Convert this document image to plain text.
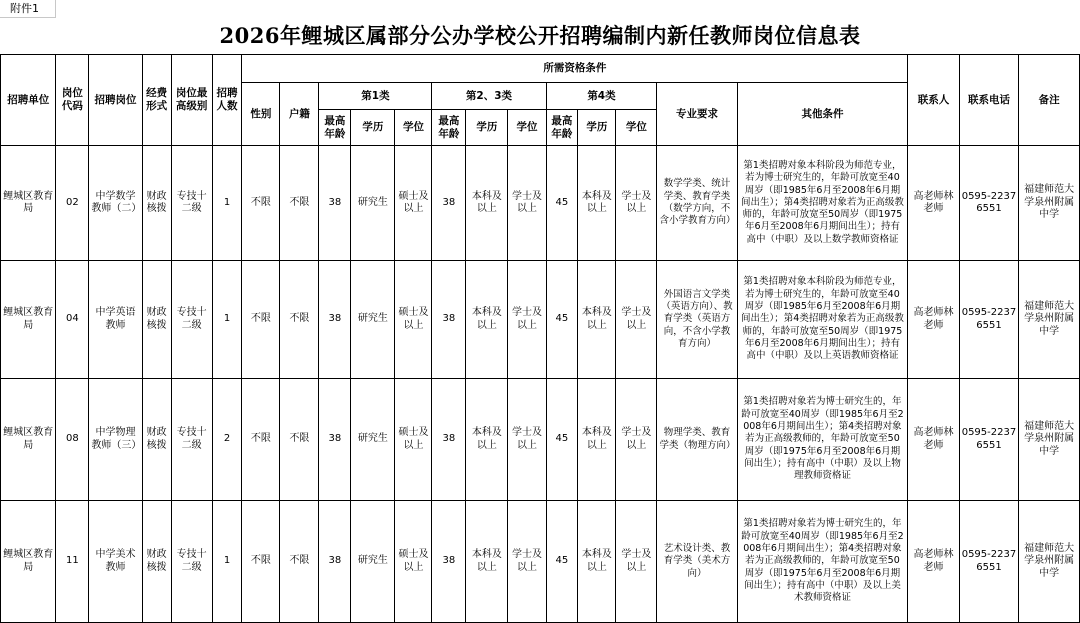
附件1
2026年鲤城区属部分公办学校公开招聘编制内新任教师岗位信息表
招聘单位	岗位代码	招聘岗位	经费形式	岗位最高级别	招聘人数	所需资格条件													联系人	联系电话	备注
						性别	户籍	第1类			第2、3类			第4类			专业要求	其他条件			
								最高年龄	学历	学位	最高年龄	学历	学位	最高年龄	学历	学位					

鲤城区教育局	02	中学数学教师（二）	财政核拨	专技十二级	1	不限	不限	38	研究生	硕士及以上	38	本科及以上	学士及以上	45	本科及以上	学士及以上	数学学类、统计学类、教育学类（数学方向，不含小学教育方向）	第1类招聘对象本科阶段为师范专业，若为博士研究生的，年龄可放宽至40周岁（即1985年6月至2008年6月期间出生）；第4类招聘对象若为正高级教师的，年龄可放宽至50周岁（即1975年6月至2008年6月期间出生）；持有高中（中职）及以上数学教师资格证	高老师林老师	0595-22376551	福建师范大学泉州附属中学
鲤城区教育局	04	中学英语教师	财政核拨	专技十二级	1	不限	不限	38	研究生	硕士及以上	38	本科及以上	学士及以上	45	本科及以上	学士及以上	外国语言文学类（英语方向）、教育学类（英语方向，不含小学教育方向）	第1类招聘对象本科阶段为师范专业，若为博士研究生的，年龄可放宽至40周岁（即1985年6月至2008年6月期间出生）；第4类招聘对象若为正高级教师的，年龄可放宽至50周岁（即1975年6月至2008年6月期间出生）；持有高中（中职）及以上英语教师资格证	高老师林老师	0595-22376551	福建师范大学泉州附属中学
鲤城区教育局	08	中学物理教师（三）	财政核拨	专技十二级	2	不限	不限	38	研究生	硕士及以上	38	本科及以上	学士及以上	45	本科及以上	学士及以上	物理学类、教育学类（物理方向）	第1类招聘对象若为博士研究生的，年龄可放宽至40周岁（即1985年6月至2008年6月期间出生）；第4类招聘对象若为正高级教师的，年龄可放宽至50周岁（即1975年6月至2008年6月期间出生）；持有高中（中职）及以上物理教师资格证	高老师林老师	0595-22376551	福建师范大学泉州附属中学
鲤城区教育局	11	中学美术教师	财政核拨	专技十二级	1	不限	不限	38	研究生	硕士及以上	38	本科及以上	学士及以上	45	本科及以上	学士及以上	艺术设计类、教育学类（美术方向）	第1类招聘对象若为博士研究生的，年龄可放宽至40周岁（即1985年6月至2008年6月期间出生）；第4类招聘对象若为正高级教师的，年龄可放宽至50周岁（即1975年6月至2008年6月期间出生）；持有高中（中职）及以上美术教师资格证	高老师林老师	0595-22376551	福建师范大学泉州附属中学
